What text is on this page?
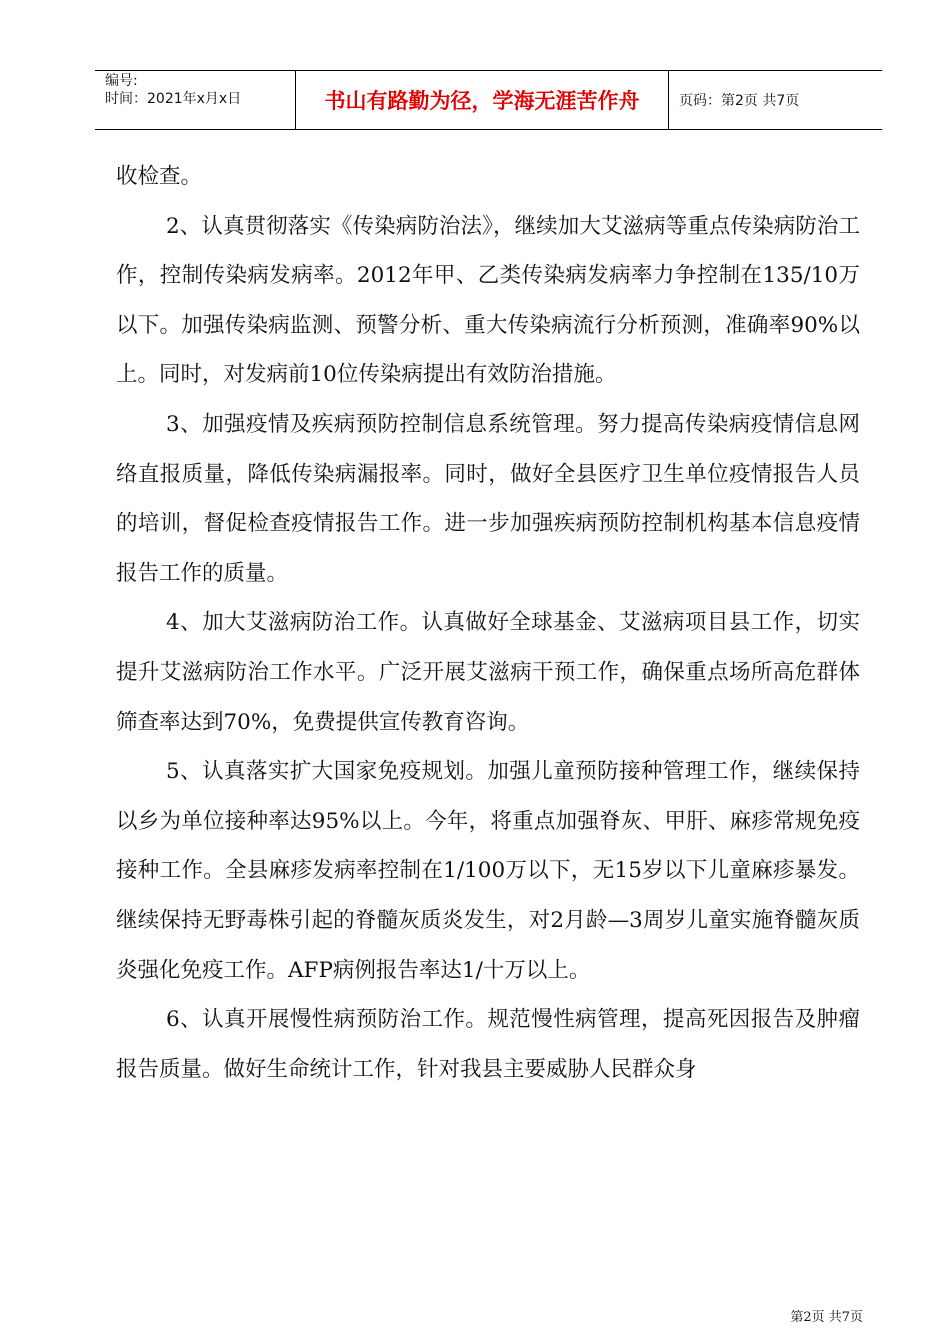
编号:
时间：2021年x月x日	书山有路勤为径，学海无涯苦作舟	页码：第2页 共7页

收检查。

2、认真贯彻落实《传染病防治法》，继续加大艾滋病等重点传染病防治工作，控制传染病发病率。2012年甲、乙类传染病发病率力争控制在135/10万以下。加强传染病监测、预警分析、重大传染病流行分析预测，准确率90%以上。同时，对发病前10位传染病提出有效防治措施。

3、加强疫情及疾病预防控制信息系统管理。努力提高传染病疫情信息网络直报质量，降低传染病漏报率。同时，做好全县医疗卫生单位疫情报告人员的培训，督促检查疫情报告工作。进一步加强疾病预防控制机构基本信息疫情报告工作的质量。

4、加大艾滋病防治工作。认真做好全球基金、艾滋病项目县工作，切实提升艾滋病防治工作水平。广泛开展艾滋病干预工作，确保重点场所高危群体筛查率达到70%，免费提供宣传教育咨询。

5、认真落实扩大国家免疫规划。加强儿童预防接种管理工作，继续保持以乡为单位接种率达95%以上。今年，将重点加强脊灰、甲肝、麻疹常规免疫接种工作。全县麻疹发病率控制在1/100万以下，无15岁以下儿童麻疹暴发。继续保持无野毒株引起的脊髓灰质炎发生，对2月龄—3周岁儿童实施脊髓灰质炎强化免疫工作。AFP病例报告率达1/十万以上。

6、认真开展慢性病预防治工作。规范慢性病管理，提高死因报告及肿瘤报告质量。做好生命统计工作，针对我县主要威胁人民群众身

第2页 共7页
